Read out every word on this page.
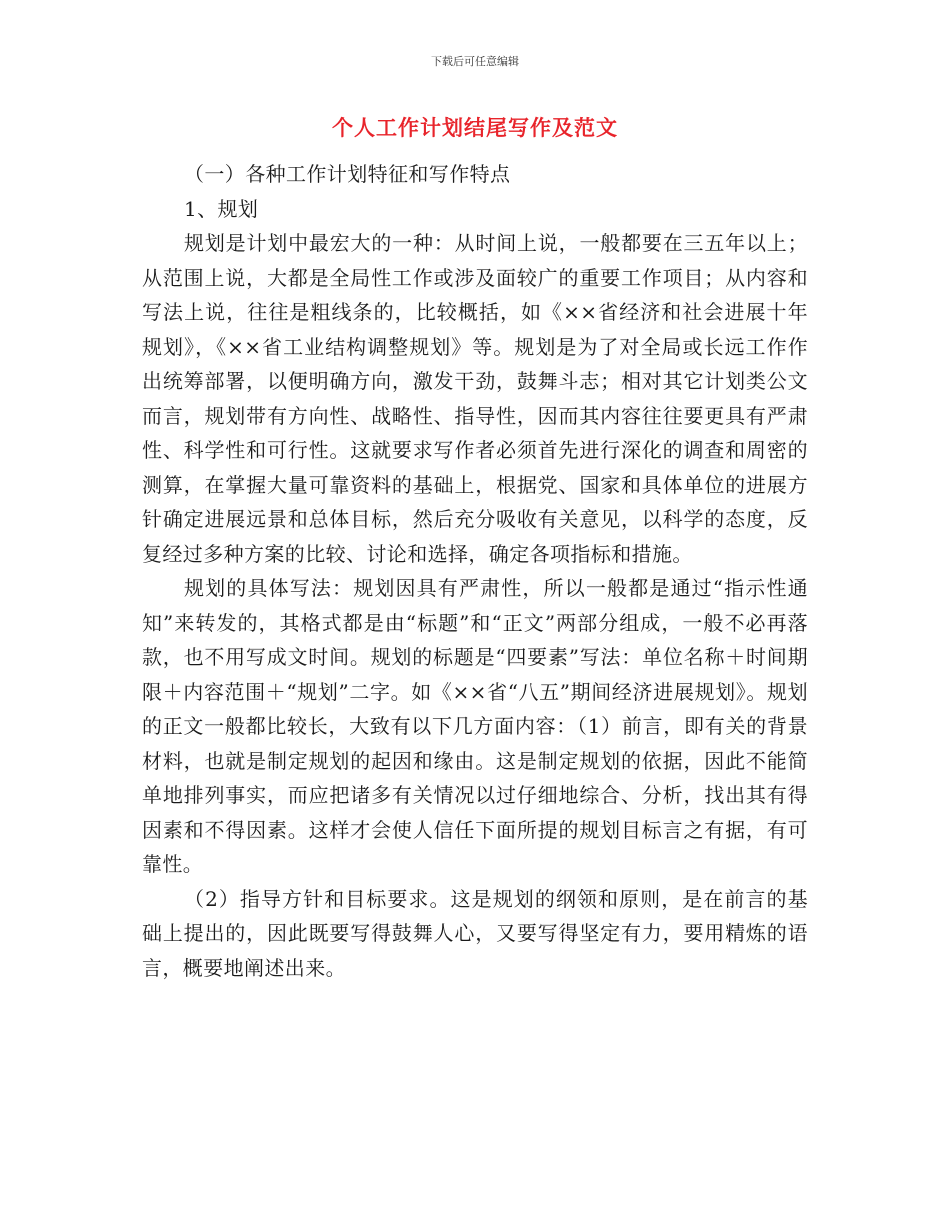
下载后可任意编辑
个人工作计划结尾写作及范文

（一）各种工作计划特征和写作特点

1、规划

规划是计划中最宏大的一种：从时间上说，一般都要在三五年以上；从范围上说，大都是全局性工作或涉及面较广的重要工作项目；从内容和写法上说，往往是粗线条的，比较概括，如《××省经济和社会进展十年规划》，《××省工业结构调整规划》等。规划是为了对全局或长远工作作出统筹部署，以便明确方向，激发干劲，鼓舞斗志；相对其它计划类公文而言，规划带有方向性、战略性、指导性，因而其内容往往要更具有严肃性、科学性和可行性。这就要求写作者必须首先进行深化的调查和周密的测算，在掌握大量可靠资料的基础上，根据党、国家和具体单位的进展方针确定进展远景和总体目标，然后充分吸收有关意见，以科学的态度，反复经过多种方案的比较、讨论和选择，确定各项指标和措施。

规划的具体写法：规划因具有严肃性，所以一般都是通过“指示性通知”来转发的，其格式都是由“标题”和“正文”两部分组成，一般不必再落款，也不用写成文时间。规划的标题是“四要素”写法：单位名称＋时间期限＋内容范围＋“规划”二字。如《××省“八五”期间经济进展规划》。规划的正文一般都比较长，大致有以下几方面内容：（1）前言，即有关的背景材料，也就是制定规划的起因和缘由。这是制定规划的依据，因此不能简单地排列事实，而应把诸多有关情况以过仔细地综合、分析，找出其有得因素和不得因素。这样才会使人信任下面所提的规划目标言之有据，有可靠性。

（2）指导方针和目标要求。这是规划的纲领和原则，是在前言的基础上提出的，因此既要写得鼓舞人心，又要写得坚定有力，要用精炼的语言，概要地阐述出来。
